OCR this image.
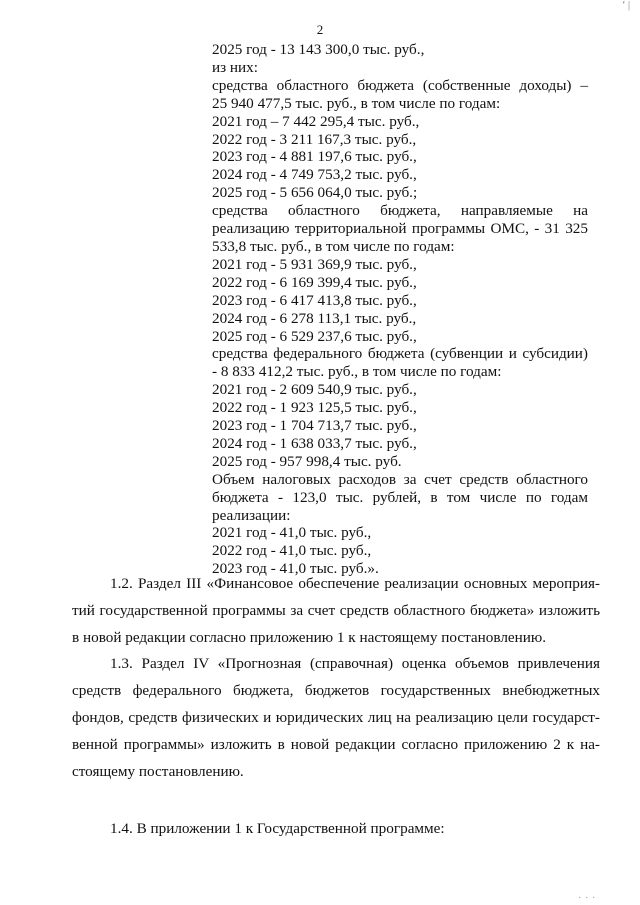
‘ |
2
2025 год - 13 143 300,0 тыс. руб.,
из них:
средства областного бюджета (собственные доходы) –
25 940 477,5 тыс. руб., в том числе по годам:
2021 год – 7 442 295,4 тыс. руб.,
2022 год - 3 211 167,3 тыс. руб.,
2023 год - 4 881 197,6 тыс. руб.,
2024 год - 4 749 753,2 тыс. руб.,
2025 год - 5 656 064,0 тыс. руб.;
средства областного бюджета, направляемые на
реализацию территориальной программы ОМС, - 31 325
533,8 тыс. руб., в том числе по годам:
2021 год - 5 931 369,9 тыс. руб.,
2022 год - 6 169 399,4 тыс. руб.,
2023 год - 6 417 413,8 тыс. руб.,
2024 год - 6 278 113,1 тыс. руб.,
2025 год - 6 529 237,6 тыс. руб.,
средства федерального бюджета (субвенции и субсидии)
- 8 833 412,2 тыс. руб., в том числе по годам:
2021 год - 2 609 540,9 тыс. руб.,
2022 год - 1 923 125,5 тыс. руб.,
2023 год - 1 704 713,7 тыс. руб.,
2024 год - 1 638 033,7 тыс. руб.,
2025 год - 957 998,4 тыс. руб.
Объем налоговых расходов за счет средств областного
бюджета - 123,0 тыс. рублей, в том числе по годам
реализации:
2021 год - 41,0 тыс. руб.,
2022 год - 41,0 тыс. руб.,
2023 год - 41,0 тыс. руб.».
1.2. Раздел III «Финансовое обеспечение реализации основных мероприя-
тий государственной программы за счет средств областного бюджета» изложить
в новой редакции согласно приложению 1 к настоящему постановлению.
1.3. Раздел IV «Прогнозная (справочная) оценка объемов привлечения
средств федерального бюджета, бюджетов государственных внебюджетных
фондов, средств физических и юридических лиц на реализацию цели государст-
венной программы» изложить в новой редакции согласно приложению 2 к на-
стоящему постановлению.
1.4. В приложении 1 к Государственной программе:
. . .
